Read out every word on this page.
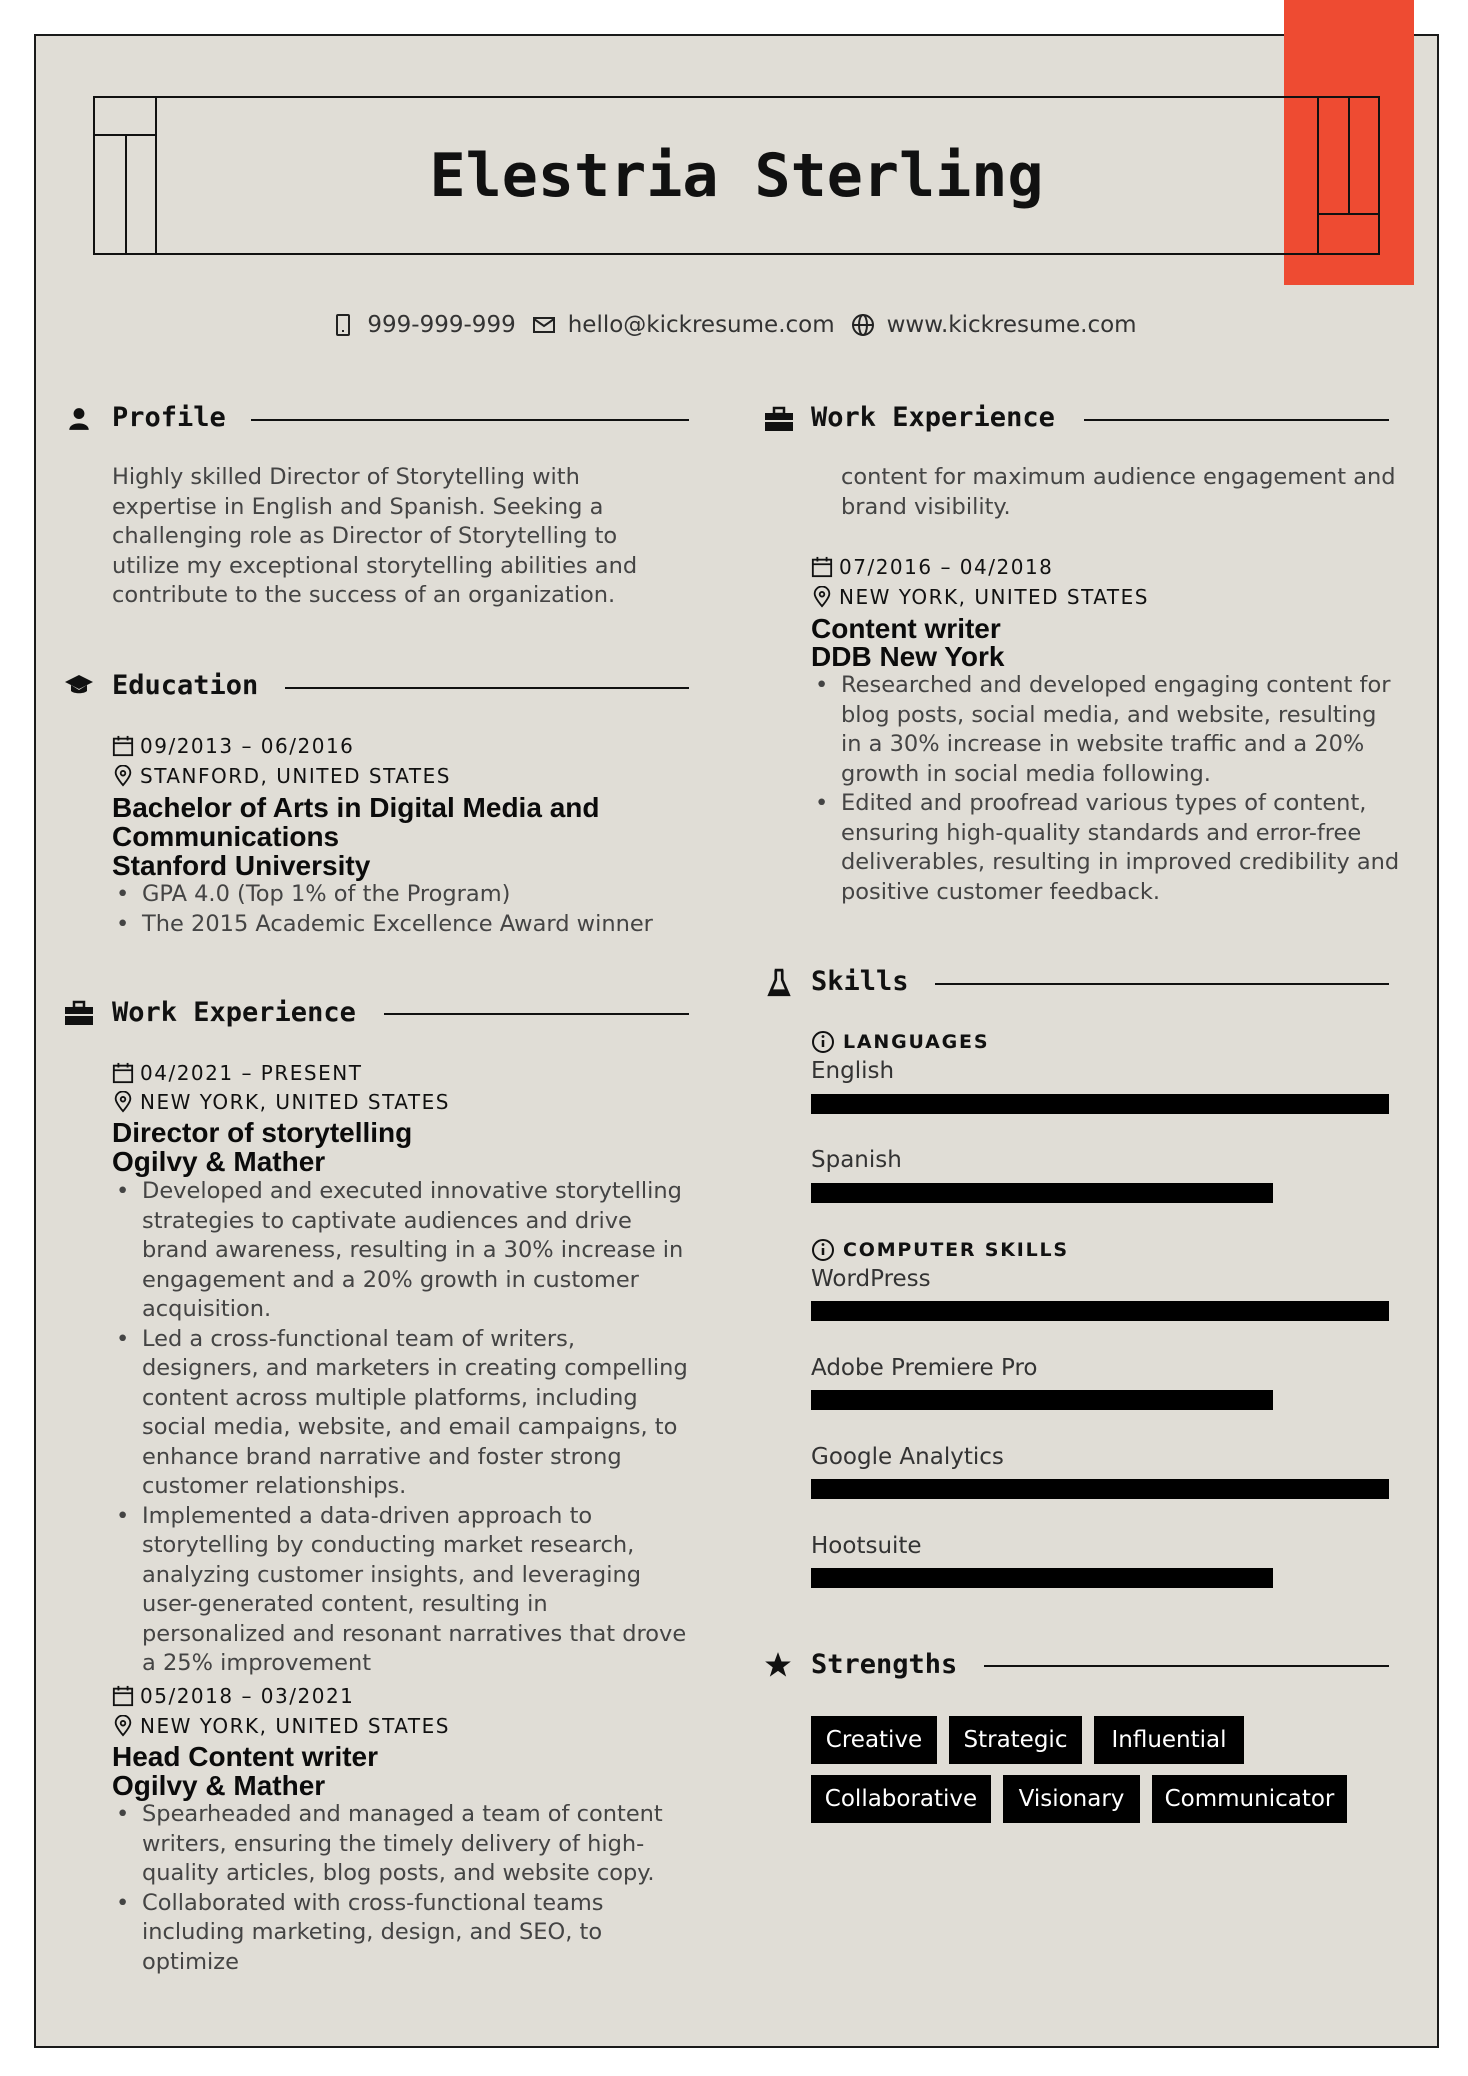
Elestria Sterling
999-999-999 hello@kickresume.com www.kickresume.com
Profile
Highly skilled Director of Storytelling with expertise in English and Spanish. Seeking a challenging role as Director of Storytelling to utilize my exceptional storytelling abilities and contribute to the success of an organization.
Education
09/2013 – 06/2016
STANFORD, UNITED STATES
Bachelor of Arts in Digital Media and
Communications
Stanford University
• GPA 4.0 (Top 1% of the Program)
• The 2015 Academic Excellence Award winner
Work Experience
04/2021 – PRESENT
NEW YORK, UNITED STATES
Director of storytelling
Ogilvy & Mather
• Developed and executed innovative storytelling strategies to captivate audiences and drive brand awareness, resulting in a 30% increase in engagement and a 20% growth in customer acquisition.
• Led a cross-functional team of writers, designers, and marketers in creating compelling content across multiple platforms, including social media, website, and email campaigns, to enhance brand narrative and foster strong customer relationships.
• Implemented a data-driven approach to storytelling by conducting market research, analyzing customer insights, and leveraging user-generated content, resulting in personalized and resonant narratives that drove a 25% improvement
05/2018 – 03/2021
NEW YORK, UNITED STATES
Head Content writer
Ogilvy & Mather
• Spearheaded and managed a team of content writers, ensuring the timely delivery of high-quality articles, blog posts, and website copy.
• Collaborated with cross-functional teams including marketing, design, and SEO, to optimize
Work Experience
content for maximum audience engagement and brand visibility.
07/2016 – 04/2018
NEW YORK, UNITED STATES
Content writer
DDB New York
• Researched and developed engaging content for blog posts, social media, and website, resulting in a 30% increase in website traffic and a 20% growth in social media following.
• Edited and proofread various types of content, ensuring high-quality standards and error-free deliverables, resulting in improved credibility and positive customer feedback.
Skills
LANGUAGES
English
Spanish
COMPUTER SKILLS
WordPress
Adobe Premiere Pro
Google Analytics
Hootsuite
Strengths
Creative	Strategic	Influential
Collaborative	Visionary	Communicator
